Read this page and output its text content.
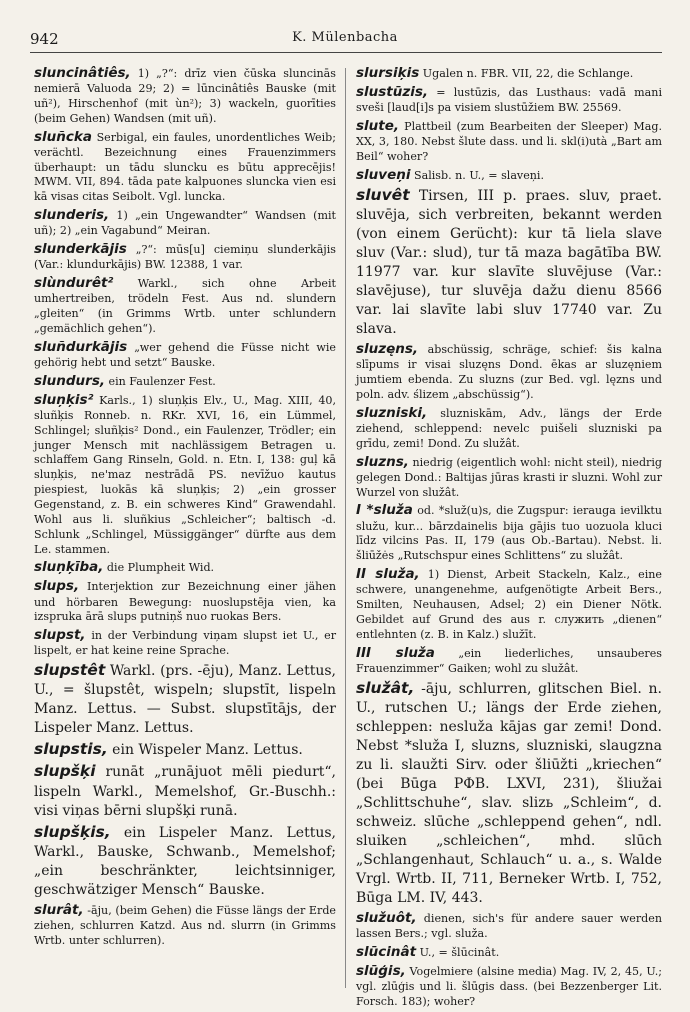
942	K. Mülenbacha

sluncinâtiês, 1) „?“: drīz vien čūska sluncinās nemierā Valuoda 29; 2) = lūncinâtiês Bauske (mit uñ²), Hirschenhof (mit ùn²); 3) wackeln, guorīties (beim Gehen) Wandsen (mit uñ).

sluñcka Serbigal, ein faules, unordentliches Weib; verächtl. Bezeichnung eines Frauenzimmers überhaupt: un tādu sluncku es būtu apprecējis! MWM. VII, 894. tāda pate kalpuones sluncka vien esi kā visas citas Seibolt. Vgl. luncka.

slunderis, 1) „ein Ungewandter“ Wandsen (mit uñ); 2) „ein Vagabund“ Meiran.

slunderkājis „?“: mūs[u] ciemiņu slunderkājis (Var.: klundurkājis) BW. 12388, 1 var.

slùndurêt² Warkl., sich ohne Arbeit umhertreiben, trödeln Fest. Aus nd. slundern „gleiten“ (in Grimms Wrtb. unter schlundern „gemächlich gehen“).

sluñdurkājis „wer gehend die Füsse nicht wie gehörig hebt und setzt“ Bauske.

slundurs, ein Faulenzer Fest.

sluņķis² Karls., 1) sluņķis Elv., U., Mag. XIII, 40, sluñķis Ronneb. n. RKr. XVI, 16, ein Lümmel, Schlingel; sluñķis² Dond., ein Faulenzer, Trödler; ein junger Mensch mit nachlässigem Betragen u. schlaffem Gang Rinseln, Gold. n. Etn. I, 138: guļ kā sluņķis, ne'maz nestrādā PS. nevīžuo kautus piespiest, luokās kā sluņķis; 2) „ein grosser Gegenstand, z. B. ein schweres Kind“ Grawendahl. Wohl aus li. sluñkius „Schleicher“; baltisch -d. Schlunk „Schlingel, Müssiggänger“ dürfte aus dem Le. stammen.

sluņķība, die Plumpheit Wid.

slups, Interjektion zur Bezeichnung einer jähen und hörbaren Bewegung: nuoslupstēja vien, ka izspruka ārā slups putniņš nuo ruokas Bers.

slupst, in der Verbindung viņam slupst iet U., er lispelt, er hat keine reine Sprache.

slupstêt Warkl. (prs. -ēju), Manz. Lettus, U., = šlupstêt, wispeln; slupstīt, lispeln Manz. Lettus. — Subst. slupstītājs, der Lispeler Manz. Lettus.

slupstis, ein Wispeler Manz. Lettus.

slupšķi runāt „runājuot mēli piedurt“, lispeln Warkl., Memelshof, Gr.-Buschh.: visi viņas bērni slupšķi runā.

slupšķis, ein Lispeler Manz. Lettus, Warkl., Bauske, Schwanb., Memelshof; „ein beschränkter, leichtsinniger, geschwätziger Mensch“ Bauske.

slurât, -āju, (beim Gehen) die Füsse längs der Erde ziehen, schlurren Katzd. Aus nd. slurrn (in Grimms Wrtb. unter schlurren).

slursiķis Ugalen n. FBR. VII, 22, die Schlange.

slustūzis, = lustūzis, das Lusthaus: vadā mani sveši [laud[i]s pa visiem slustūžiem BW. 25569.

slute, Plattbeil (zum Bearbeiten der Sleeper) Mag. XX, 3, 180. Nebst šlute dass. und li. skl(i)utà „Bart am Beil“ woher?

sluveņi Salisb. n. U., = slaveņi.

sluvêt Tirsen, III p. praes. sluv, praet. sluvēja, sich verbreiten, bekannt werden (von einem Gerücht): kur tā liela slave sluv (Var.: slud), tur tā maza bagātība BW. 11977 var. kur slavīte sluvējuse (Var.: slavējuse), tur sluvēja dažu dienu 8566 var. lai slavīte labi sluv 17740 var. Zu slava.

sluzęns, abschüssig, schräge, schief: šis kalna slīpums ir visai sluzęns Dond. ēkas ar sluzęniem jumtiem ebenda. Zu sluzns (zur Bed. vgl. lęzns und poln. adv. ślizem „abschüssig“).

sluzniski, sluzniskām, Adv., längs der Erde ziehend, schleppend: nevelc puišeli sluzniski pa grīdu, zemi! Dond. Zu služât.

sluzns, niedrig (eigentlich wohl: nicht steil), niedrig gelegen Dond.: Baltijas jūras krasti ir sluzni. Wohl zur Wurzel von služât.

I *služa od. *služ(u)s, die Zugspur: ierauga ievilktu služu, kur... bārzdainelis bija gājis tuo uozuola kluci līdz vilcins Pas. II, 179 (aus Ob.-Bartau). Nebst. li. šliūžės „Rutschspur eines Schlittens“ zu služât.

II služa, 1) Dienst, Arbeit Stackeln, Kalz., eine schwere, unangenehme, aufgenötigte Arbeit Bers., Smilten, Neuhausen, Adsel; 2) ein Diener Nötk. Gebildet auf Grund des aus r. служить „dienen“ entlehnten (z. B. in Kalz.) služīt.

III služa „ein liederliches, unsauberes Frauenzimmer“ Gaiken; wohl zu služât.

služât, -āju, schlurren, glitschen Biel. n. U., rutschen U.; längs der Erde ziehen, schleppen: nesluža kājas gar zemi! Dond. Nebst *služa I, sluzns, sluzniski, slaugzna zu li. slaužti Sirv. oder šliūžti „kriechen“ (bei Būga PФВ. LXVI, 231), šliužai „Schlittschuhe“, slav. slizь „Schleim“, d. schweiz. slūche „schleppend gehen“, ndl. sluiken „schleichen“, mhd. slūch „Schlangenhaut, Schlauch“ u. a., s. Walde Vrgl. Wrtb. II, 711, Berneker Wrtb. I, 752, Būga LM. IV, 443.

služuôt, dienen, sich's für andere sauer werden lassen Bers.; vgl. služa.

slūcinât U., = šlūcinât.

slūģis, Vogelmiere (alsine media) Mag. IV, 2, 45, U.; vgl. zlūģis und li. šlūgis dass. (bei Bezzenberger Lit. Forsch. 183); woher?
